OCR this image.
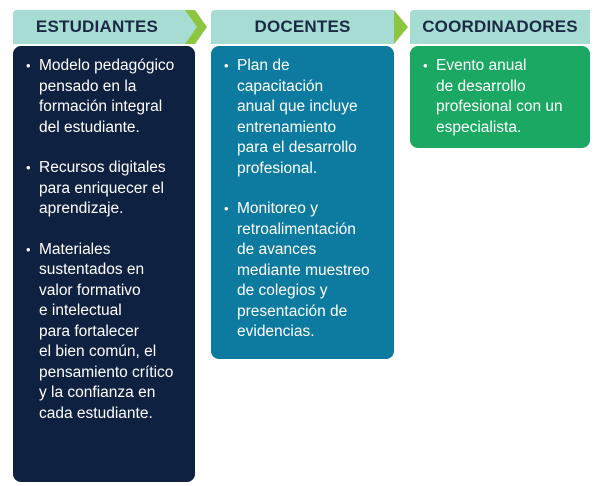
ESTUDIANTES
• Modelo pedagógico
pensado en la
formación integral
del estudiante.
• Recursos digitales
para enriquecer el
aprendizaje.
• Materiales
sustentados en
valor formativo
e intelectual
para fortalecer
el bien común, el
pensamiento crítico
y la confianza en
cada estudiante.
DOCENTES
• Plan de
capacitación
anual que incluye
entrenamiento
para el desarrollo
profesional.
• Monitoreo y
retroalimentación
de avances
mediante muestreo
de colegios y
presentación de
evidencias.
COORDINADORES
• Evento anual
de desarrollo
profesional con un
especialista.
